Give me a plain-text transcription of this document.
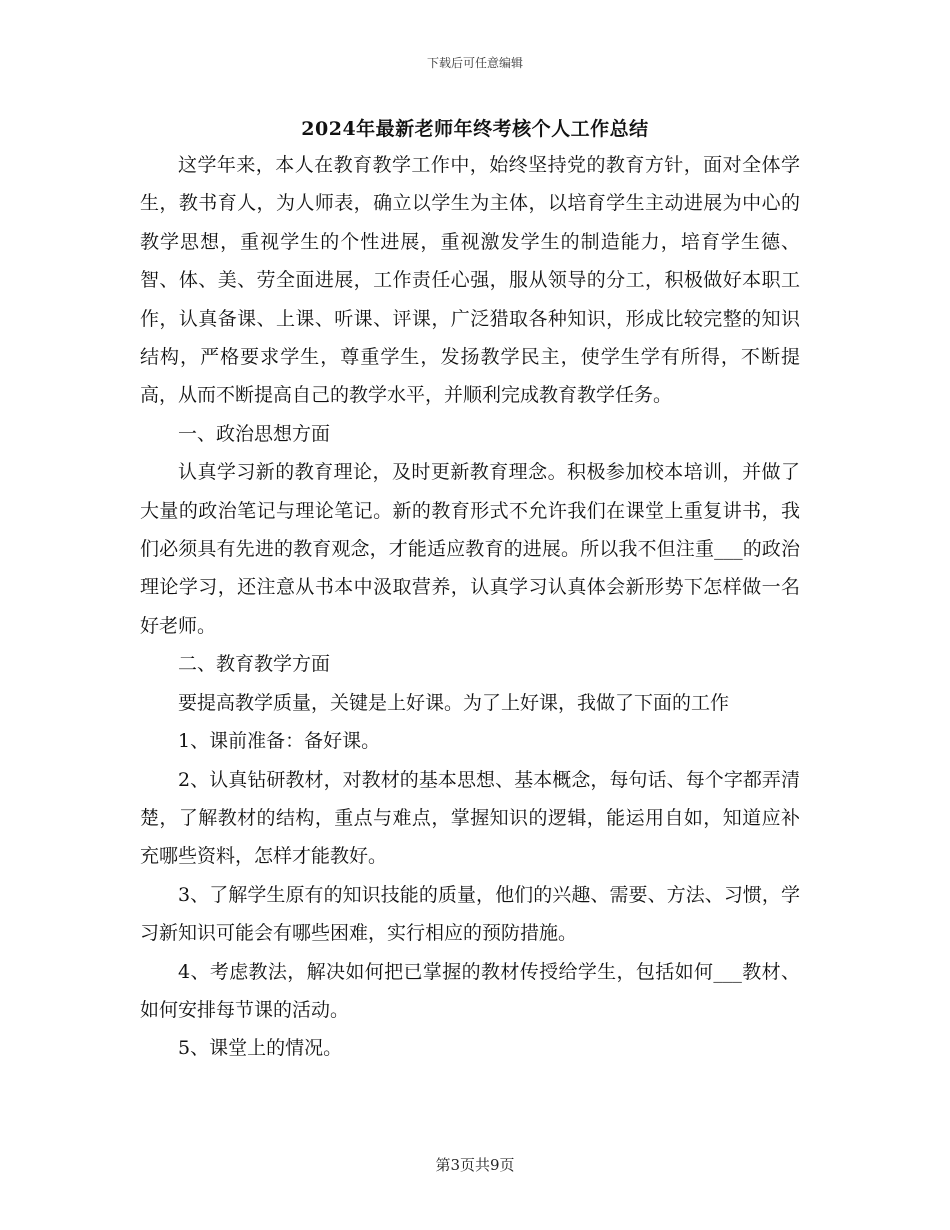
下载后可任意编辑
2024年最新老师年终考核个人工作总结

这学年来，本人在教育教学工作中，始终坚持党的教育方针，面对全体学生，教书育人，为人师表，确立以学生为主体，以培育学生主动进展为中心的教学思想，重视学生的个性进展，重视激发学生的制造能力，培育学生德、智、体、美、劳全面进展，工作责任心强，服从领导的分工，积极做好本职工作，认真备课、上课、听课、评课，广泛猎取各种知识，形成比较完整的知识结构，严格要求学生，尊重学生，发扬教学民主，使学生学有所得，不断提高，从而不断提高自己的教学水平，并顺利完成教育教学任务。

一、政治思想方面

认真学习新的教育理论，及时更新教育理念。积极参加校本培训，并做了大量的政治笔记与理论笔记。新的教育形式不允许我们在课堂上重复讲书，我们必须具有先进的教育观念，才能适应教育的进展。所以我不但注重___的政治理论学习，还注意从书本中汲取营养，认真学习认真体会新形势下怎样做一名好老师。

二、教育教学方面

要提高教学质量，关键是上好课。为了上好课，我做了下面的工作

1、课前准备：备好课。

2、认真钻研教材，对教材的基本思想、基本概念，每句话、每个字都弄清楚，了解教材的结构，重点与难点，掌握知识的逻辑，能运用自如，知道应补充哪些资料，怎样才能教好。

3、了解学生原有的知识技能的质量，他们的兴趣、需要、方法、习惯，学习新知识可能会有哪些困难，实行相应的预防措施。

4、考虑教法，解决如何把已掌握的教材传授给学生，包括如何___教材、如何安排每节课的活动。

5、课堂上的情况。

第3页共9页
